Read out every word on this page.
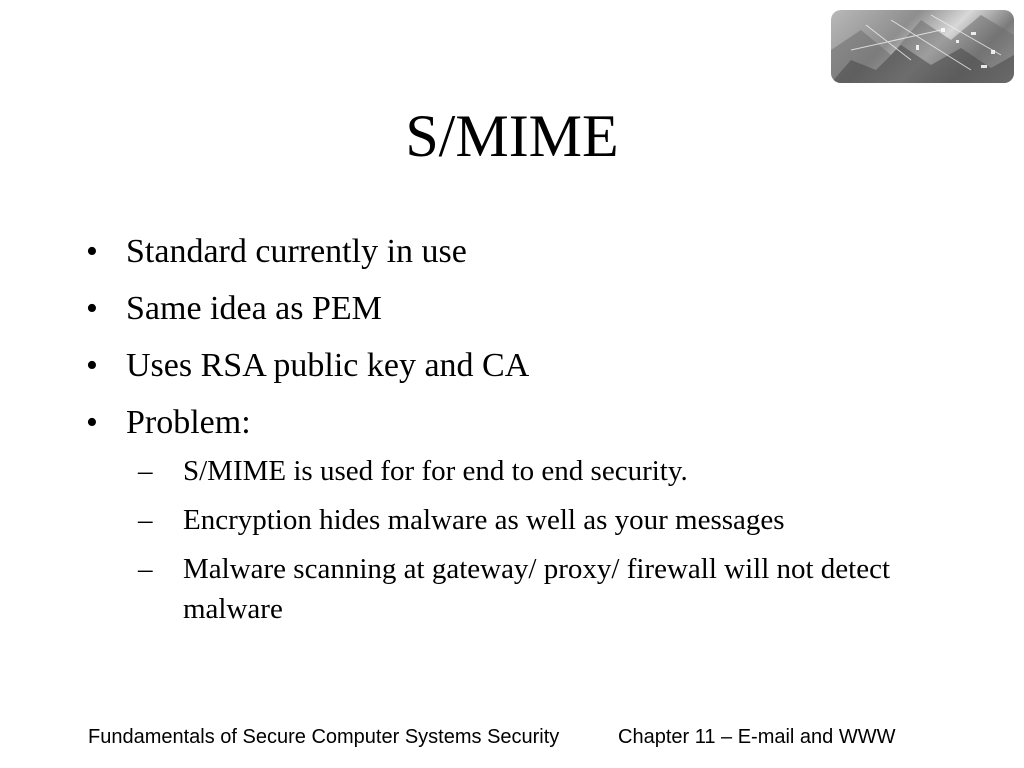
S/MIME
• Standard currently in use
• Same idea as PEM
• Uses RSA public key and CA
• Problem:
– S/MIME is used for for end to end security.
– Encryption hides malware as well as your messages
– Malware scanning at gateway/ proxy/ firewall will not detect malware
Fundamentals of Secure Computer Systems Security	Chapter 11 – E-mail and WWW
